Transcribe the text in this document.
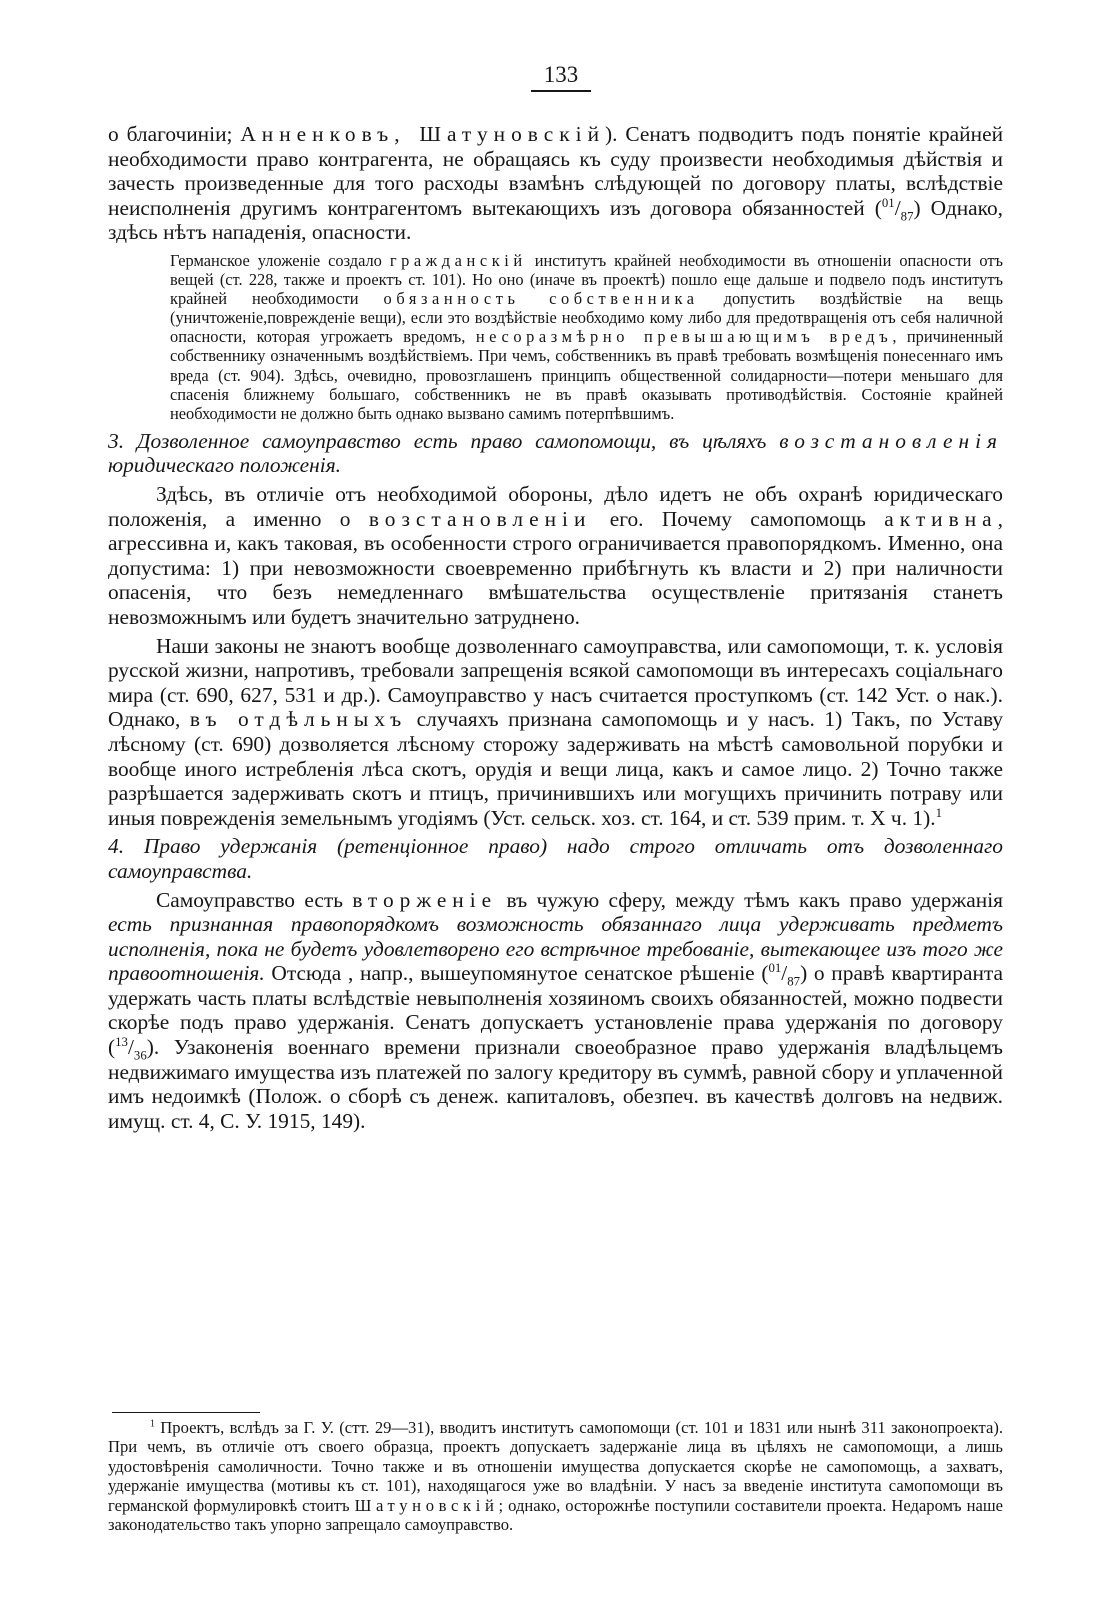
133

о благочиніи; Анненковъ, Шатуновскій). Сенатъ подводитъ подъ понятіе крайней необходимости право контрагента, не обращаясь къ суду произвести необходимыя дѣйствія и зачесть произведенные для того расходы взамѣнъ слѣдующей по договору платы, вслѣдствіе неисполненія другимъ контрагентомъ вытекающихъ изъ договора обязанностей $(^{01}/_{87})$ Однако, здѣсь нѣтъ нападенія, опасности.

Германское уложеніе создало гражданскій институтъ крайней необходимости въ отношеніи опасности отъ вещей (ст. 228, также и проектъ ст. 101). Но оно (иначе въ проектѣ) пошло еще дальше и подвело подъ институтъ крайней необходимости обязанность собственника допустить воздѣйствіе на вещь (уничтоженіе,поврежденіе вещи), если это воздѣйствіе необходимо кому либо для предотвращенія отъ себя наличной опасности, которая угрожаетъ вредомъ, несоразмѣрно превышающимъ вредъ, причиненный собственнику означеннымъ воздѣйствіемъ. При чемъ, собственникъ въ правѣ требовать возмѣщенія понесеннаго имъ вреда (ст. 904). Здѣсь, очевидно, провозглашенъ принципъ общественной солидарности—потери меньшаго для спасенія ближнему большаго, собственникъ не въ правѣ оказывать противодѣйствія. Состояніе крайней необходимости не должно быть однако вызвано самимъ потерпѣвшимъ.

3. Дозволенное самоуправство есть право самопомощи, въ цѣляхъ возстановленія юридическаго положенія.

Здѣсь, въ отличіе отъ необходимой обороны, дѣло идетъ не объ охранѣ юридическаго положенія, а именно о возстановленіи его. Почему самопомощь активна, агрессивна и, какъ таковая, въ особенности строго ограничивается правопорядкомъ. Именно, она допустима: 1) при невозможности своевременно прибѣгнуть къ власти и 2) при наличности опасенія, что безъ немедленнаго вмѣшательства осуществленіе притязанія станетъ невозможнымъ или будетъ значительно затруднено.

Наши законы не знаютъ вообще дозволеннаго самоуправства, или самопомощи, т. к. условія русской жизни, напротивъ, требовали запрещенія всякой самопомощи въ интересахъ соціальнаго мира (ст. 690, 627, 531 и др.). Самоуправство у насъ считается проступкомъ (ст. 142 Уст. о нак.). Однако, въ отдѣльныхъ случаяхъ признана самопомощь и у насъ. 1) Такъ, по Уставу лѣсному (ст. 690) дозволяется лѣсному сторожу задерживать на мѣстѣ самовольной порубки и вообще иного истребленія лѣса скотъ, орудія и вещи лица, какъ и самое лицо. 2) Точно также разрѣшается задерживать скотъ и птицъ, причинившихъ или могущихъ причинить потраву или иныя поврежденія земельнымъ угодіямъ (Уст. сельск. хоз. ст. 164, и ст. 539 прим. т. X ч. 1).$^1$

4. Право удержанія (ретенціонное право) надо строго отличать отъ дозволеннаго самоуправства.

Самоуправство есть вторженіе въ чужую сферу, между тѣмъ какъ право удержанія есть признанная правопорядкомъ возможность обязаннаго лица удерживать предметъ исполненія, пока не будетъ удовлетворено его встрѣчное требованіе, вытекающее изъ того же правоотношенія. Отсюда , напр., вышеупомянутое сенатское рѣшеніе $(^{01}/_{87})$ о правѣ квартиранта удержать часть платы вслѣдствіе невыполненія хозяиномъ своихъ обязанностей, можно подвести скорѣе подъ право удержанія. Сенатъ допускаетъ установленіе права удержанія по договору $(^{13}/_{36})$. Узаконенія военнаго времени признали своеобразное право удержанія владѣльцемъ недвижимаго имущества изъ платежей по залогу кредитору въ суммѣ, равной сбору и уплаченной имъ недоимкѣ (Полож. о сборѣ съ денеж. капиталовъ, обезпеч. въ качествѣ долговъ на недвиж. имущ. ст. 4, С. У. 1915, 149).

$^1$ Проектъ, вслѣдъ за Г. У. (стт. 29—31), вводитъ институтъ самопомощи (ст. 101 и 1831 или нынѣ 311 законопроекта). При чемъ, въ отличіе отъ своего образца, проектъ допускаетъ задержаніе лица въ цѣляхъ не самопомощи, а лишь удостовѣренія самоличности. Точно также и въ отношеніи имущества допускается скорѣе не самопомощь, а захватъ, удержаніе имущества (мотивы къ ст. 101), находящагося уже во владѣніи. У насъ за введеніе института самопомощи въ германской формулировкѣ стоитъ Шатуновскій; однако, осторожнѣе поступили составители проекта. Недаромъ наше законодательство такъ упорно запрещало самоуправство.
